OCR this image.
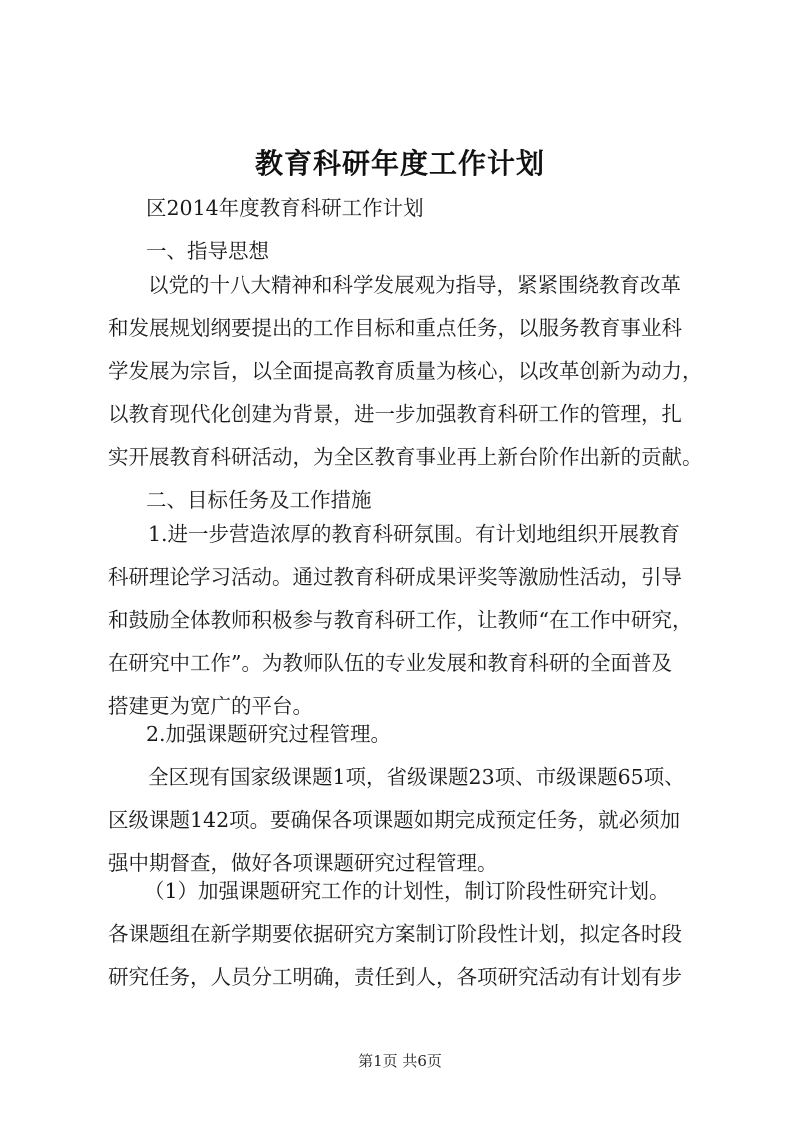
教育科研年度工作计划
区2014年度教育科研工作计划
一、指导思想
以党的十八大精神和科学发展观为指导，紧紧围绕教育改革
和发展规划纲要提出的工作目标和重点任务，以服务教育事业科
学发展为宗旨，以全面提高教育质量为核心，以改革创新为动力，
以教育现代化创建为背景，进一步加强教育科研工作的管理，扎
实开展教育科研活动，为全区教育事业再上新台阶作出新的贡献。
二、目标任务及工作措施
1.进一步营造浓厚的教育科研氛围。有计划地组织开展教育
科研理论学习活动。通过教育科研成果评奖等激励性活动，引导
和鼓励全体教师积极参与教育科研工作，让教师“在工作中研究，
在研究中工作”。为教师队伍的专业发展和教育科研的全面普及
搭建更为宽广的平台。
2.加强课题研究过程管理。
全区现有国家级课题1项，省级课题23项、市级课题65项、
区级课题142项。要确保各项课题如期完成预定任务，就必须加
强中期督查，做好各项课题研究过程管理。
（1）加强课题研究工作的计划性，制订阶段性研究计划。
各课题组在新学期要依据研究方案制订阶段性计划，拟定各时段
研究任务，人员分工明确，责任到人，各项研究活动有计划有步
第1页 共6页
